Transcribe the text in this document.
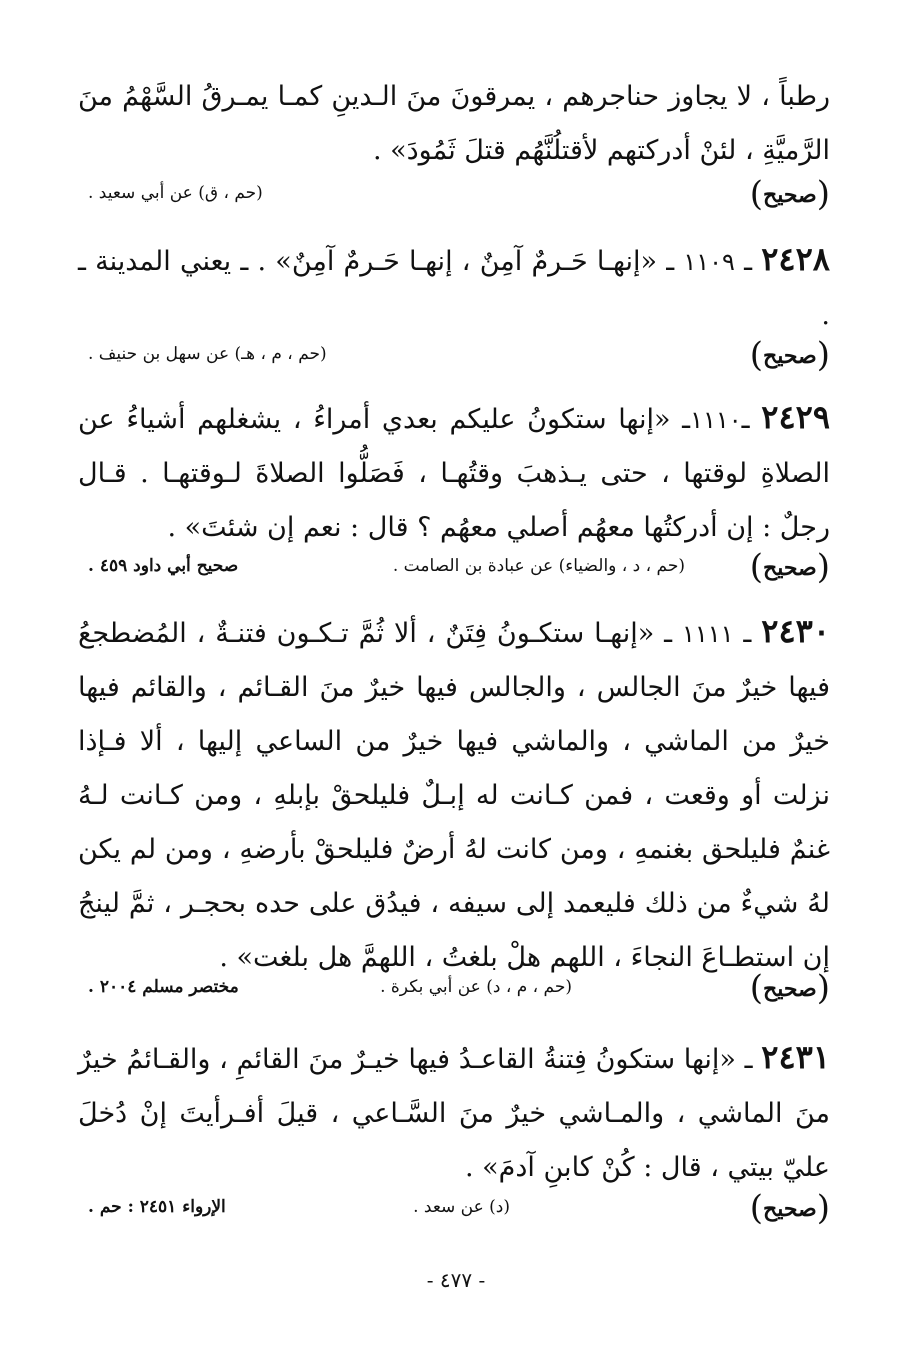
رطباً ، لا يجاوز حناجرهم ، يمرقونَ منَ الـدينِ كمـا يمـرقُ السَّهْمُ منَ الرَّميَّةِ ، لئنْ أدركتهم لأقتلُنَّهُم قتلَ ثَمُودَ» .
(صحيح)
(حم ، ق) عن أبي سعيد .
٢٤٢٨ ـ ١١٠٩ ـ «إنهـا حَـرمٌ آمِنٌ ، إنهـا حَـرمٌ آمِنٌ» . ـ يعني المدينة ـ .
(صحيح)
(حم ، م ، هـ) عن سهل بن حنيف .
٢٤٢٩ ـ١١١٠ـ «إنها ستكونُ عليكم بعدي أمراءُ ، يشغلهم أشياءُ عن الصلاةِ لوقتها ، حتى يـذهبَ وقتُهـا ، فَصَلُّوا الصلاةَ لـوقتهـا . قـال رجلٌ : إن أدركتُها معهُم أصلي معهُم ؟ قال : نعم إن شئتَ» .
(صحيح)
(حم ، د ، والضياء) عن عبادة بن الصامت .
صحيح أبي داود ٤٥٩ .
٢٤٣٠ ـ ١١١١ ـ «إنهـا ستكـونُ فِتَنٌ ، ألا ثُمَّ تـكـون فتنـةٌ ، المُضطجعُ فيها خيرٌ منَ الجالس ، والجالس فيها خيرٌ منَ القـائم ، والقائم فيها خيرٌ من الماشي ، والماشي فيها خيرٌ من الساعي إليها ، ألا فـإذا نزلت أو وقعت ، فمن كـانت له إبـلٌ فليلحقْ بإبلهِ ، ومن كـانت لـهُ غنمٌ فليلحق بغنمهِ ، ومن كانت لهُ أرضٌ فليلحقْ بأرضهِ ، ومن لم يكن لهُ شيءٌ من ذلك فليعمد إلى سيفه ، فيدُق على حده بحجـر ، ثمَّ لينجُ إن استطـاعَ النجاءَ ، اللهم هلْ بلغتُ ، اللهمَّ هل بلغت» .
(صحيح)
(حم ، م ، د) عن أبي بكرة .
مختصر مسلم ٢٠٠٤ .
٢٤٣١ ـ «إنها ستكونُ فِتنةُ القاعـدُ فيها خيـرٌ منَ القائمِ ، والقـائمُ خيرٌ منَ الماشي ، والمـاشي خيرٌ منَ السَّـاعي ، قيلَ أفـرأيتَ إنْ دُخلَ عليّ بيتي ، قال : كُنْ كابنِ آدمَ» .
(صحيح)
(د) عن سعد .
الإرواء ٢٤٥١ : حم .
- ٤٧٧ -
